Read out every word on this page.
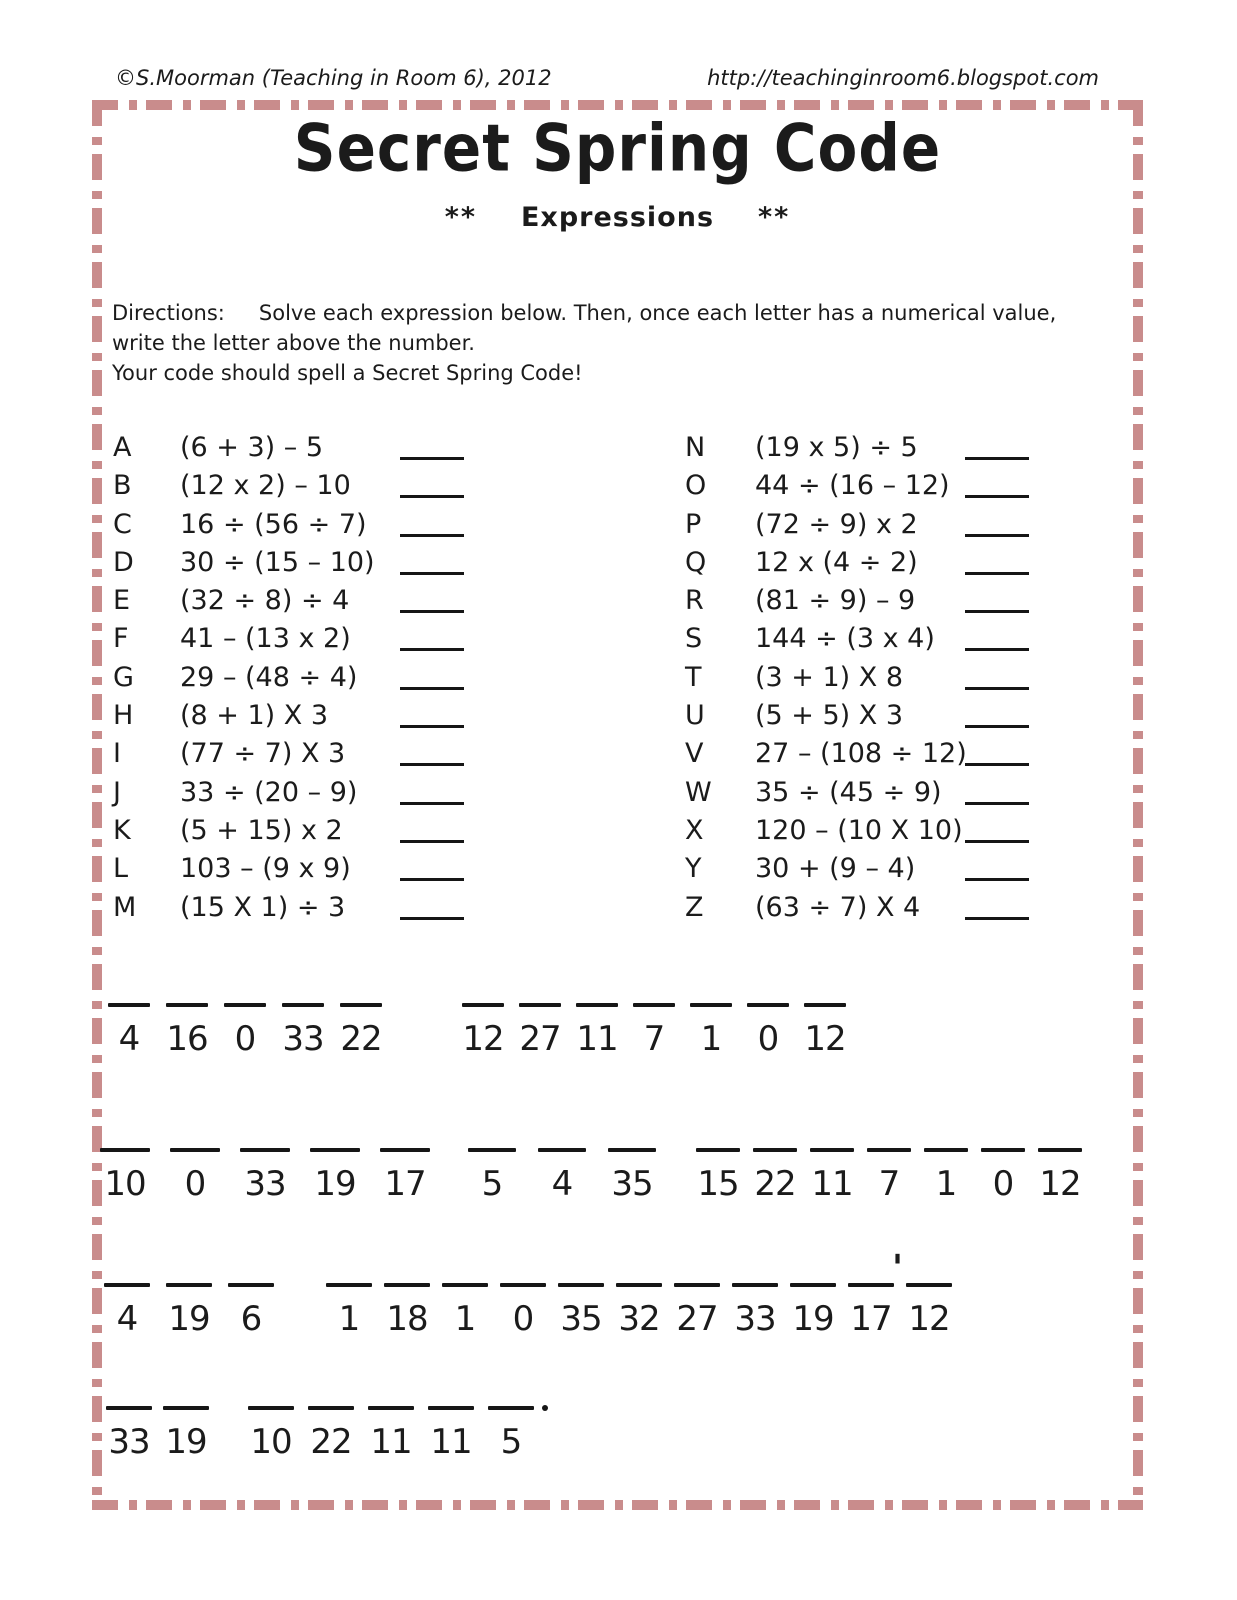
©S.Moorman (Teaching in Room 6), 2012	http://teachinginroom6.blogspot.com
Secret Spring Code
** Expressions **
Directions: Solve each expression below. Then, once each letter has a numerical value, write the letter above the number.
Your code should spell a Secret Spring Code!
A (6 + 3) – 5
B (12 x 2) – 10
C 16 ÷ (56 ÷ 7)
D 30 ÷ (15 – 10)
E (32 ÷ 8) ÷ 4
F 41 – (13 x 2)
G 29 – (48 ÷ 4)
H (8 + 1) X 3
I (77 ÷ 7) X 3
J 33 ÷ (20 – 9)
K (5 + 15) x 2
L 103 – (9 x 9)
M (15 X 1) ÷ 3
N (19 x 5) ÷ 5
O 44 ÷ (16 – 12)
P (72 ÷ 9) x 2
Q 12 x (4 ÷ 2)
R (81 ÷ 9) – 9
S 144 ÷ (3 x 4)
T (3 + 1) X 8
U (5 + 5) X 3
V 27 – (108 ÷ 12)
W 35 ÷ (45 ÷ 9)
X 120 – (10 X 10)
Y 30 + (9 – 4)
Z (63 ÷ 7) X 4
4 16 0 33 22 12 27 11 7 1 0 12
10 0 33 19 17 5 4 35 15 22 11 7 1 0 12
4 19 6 1 18 1 0 35 32 27 33 19 17
'
12
33 19 10 22 11 11 5
